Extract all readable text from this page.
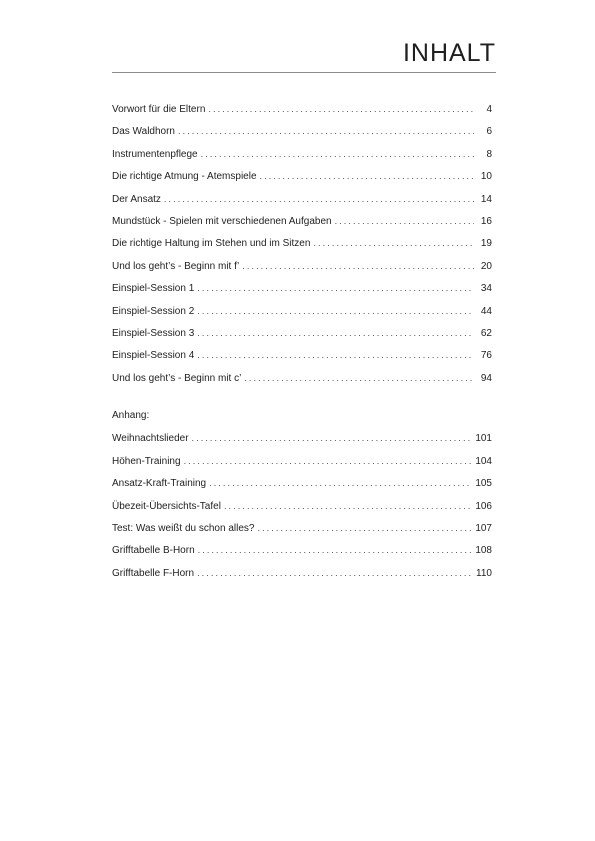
INHALT
Vorwort für die Eltern . . .	4
Das Waldhorn . . .	6
Instrumentenpflege . . .	8
Die richtige Atmung - Atemspiele . . .	10
Der Ansatz . . .	14
Mundstück - Spielen mit verschiedenen Aufgaben . . .	16
Die richtige Haltung im Stehen und im Sitzen . . .	19
Und los geht’s - Beginn mit f’ . . .	20
Einspiel-Session 1 . . .	34
Einspiel-Session 2 . . .	44
Einspiel-Session 3 . . .	62
Einspiel-Session 4 . . .	76
Und los geht’s - Beginn mit c’ . . .	94
Anhang:
Weihnachtslieder . . .	101
Höhen-Training . . .	104
Ansatz-Kraft-Training . . .	105
Übezeit-Übersichts-Tafel . . .	106
Test: Was weißt du schon alles? . . .	107
Grifftabelle B-Horn . . .	108
Grifftabelle F-Horn . . .	110
